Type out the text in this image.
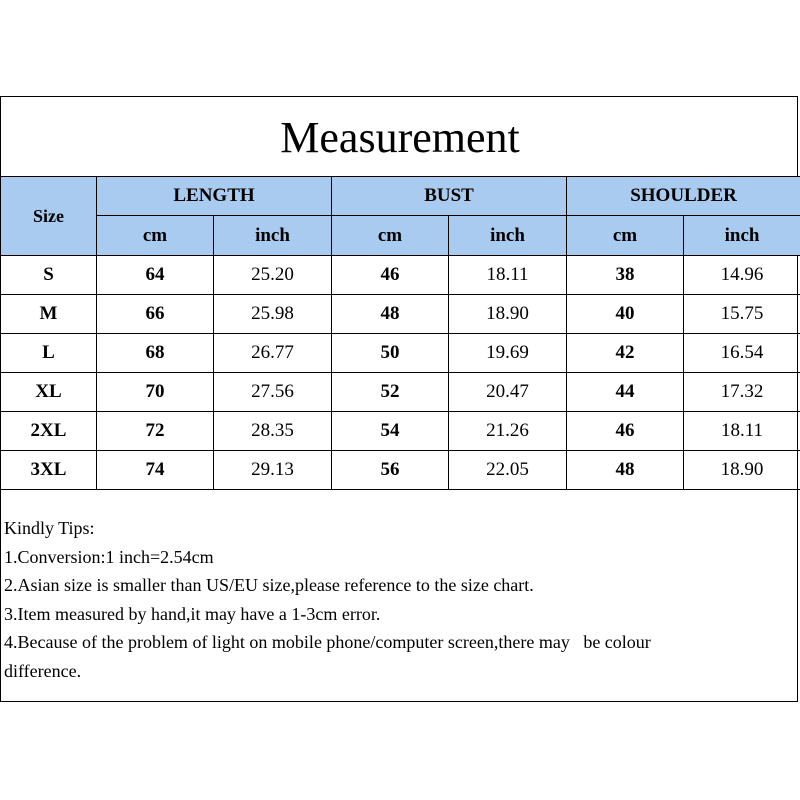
Measurement
Size	LENGTH		BUST		SHOULDER	
	cm	inch	cm	inch	cm	inch
S	64	25.20	46	18.11	38	14.96
M	66	25.98	48	18.90	40	15.75
L	68	26.77	50	19.69	42	16.54
XL	70	27.56	52	20.47	44	17.32
2XL	72	28.35	54	21.26	46	18.11
3XL	74	29.13	56	22.05	48	18.90
Kindly Tips:
1.Conversion:1 inch=2.54cm
2.Asian size is smaller than US/EU size,please reference to the size chart.
3.Item measured by hand,it may have a 1-3cm error.
4.Because of the problem of light on mobile phone/computer screen,there may   be colour
difference.
